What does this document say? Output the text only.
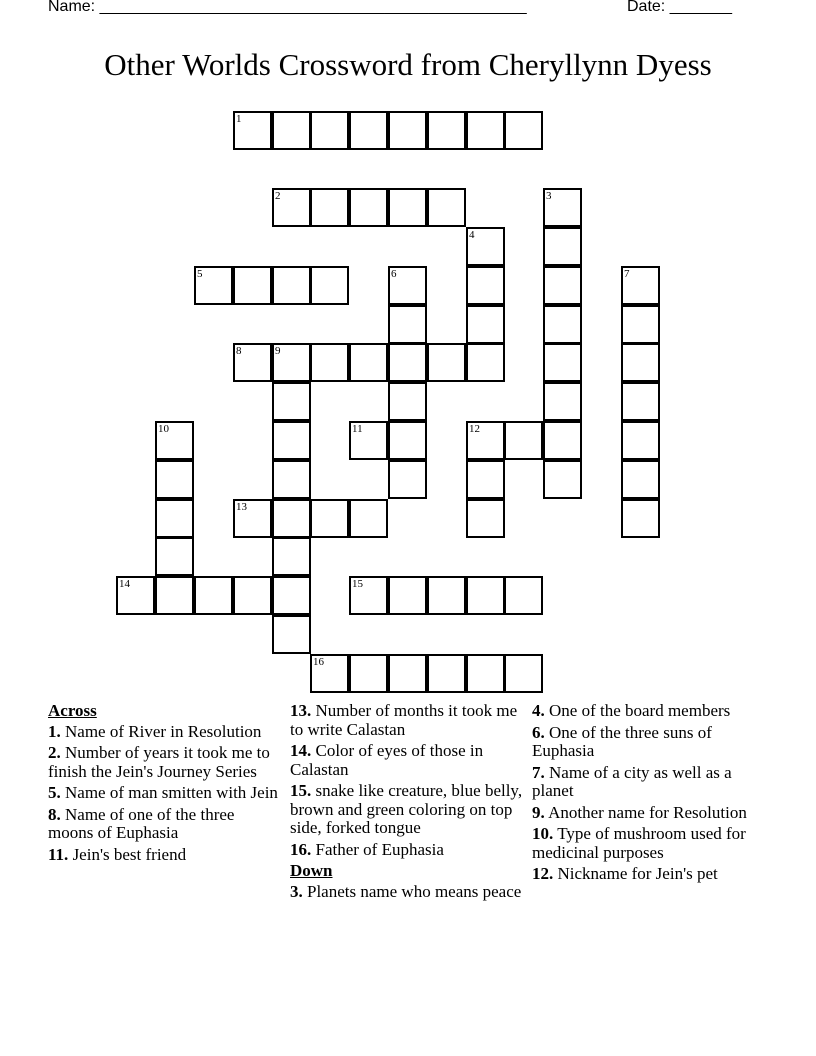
Name: ________________________________________________	Date: _______
Other Worlds Crossword from Cheryllynn Dyess
1
2	3
4
5	6	7
8	9
10	11	12
13
14	15
16
Across
1. Name of River in Resolution
2. Number of years it took me to finish the Jein's Journey Series
5. Name of man smitten with Jein
8. Name of one of the three moons of Euphasia
11. Jein's best friend
13. Number of months it took me to write Calastan
14. Color of eyes of those in Calastan
15. snake like creature, blue belly, brown and green coloring on top side, forked tongue
16. Father of Euphasia
Down
3. Planets name who means peace
4. One of the board members
6. One of the three suns of Euphasia
7. Name of a city as well as a planet
9. Another name for Resolution
10. Type of mushroom used for medicinal purposes
12. Nickname for Jein's pet
